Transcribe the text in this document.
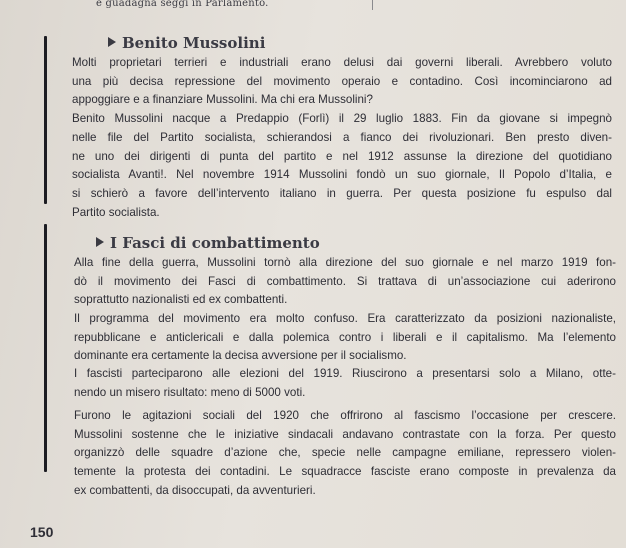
e guadagna seggi in Parlamento.
Benito Mussolini

Molti proprietari terrieri e industriali erano delusi dai governi liberali. Avrebbero voluto
una più decisa repressione del movimento operaio e contadino. Così incominciarono ad
appoggiare e a finanziare Mussolini. Ma chi era Mussolini?

Benito Mussolini nacque a Predappio (Forlì) il 29 luglio 1883. Fin da giovane si impegnò
nelle file del Partito socialista, schierandosi a fianco dei rivoluzionari. Ben presto diven-
ne uno dei dirigenti di punta del partito e nel 1912 assunse la direzione del quotidiano
socialista Avanti!. Nel novembre 1914 Mussolini fondò un suo giornale, Il Popolo d’Italia, e
si schierò a favore dell’intervento italiano in guerra. Per questa posizione fu espulso dal
Partito socialista.

I Fasci di combattimento
Alla fine della guerra, Mussolini tornò alla direzione del suo giornale e nel marzo 1919 fon-
dò il movimento dei Fasci di combattimento. Si trattava di un’associazione cui aderirono
soprattutto nazionalisti ed ex combattenti.
Il programma del movimento era molto confuso. Era caratterizzato da posizioni nazionaliste,
repubblicane e anticlericali e dalla polemica contro i liberali e il capitalismo. Ma l’elemento
dominante era certamente la decisa avversione per il socialismo.
I fascisti parteciparono alle elezioni del 1919. Riuscirono a presentarsi solo a Milano, otte-
nendo un misero risultato: meno di 5000 voti.
Furono le agitazioni sociali del 1920 che offrirono al fascismo l’occasione per crescere.
Mussolini sostenne che le iniziative sindacali andavano contrastate con la forza. Per questo
organizzò delle squadre d’azione che, specie nelle campagne emiliane, repressero violen-
temente la protesta dei contadini. Le squadracce fasciste erano composte in prevalenza da
ex combattenti, da disoccupati, da avventurieri.
150
